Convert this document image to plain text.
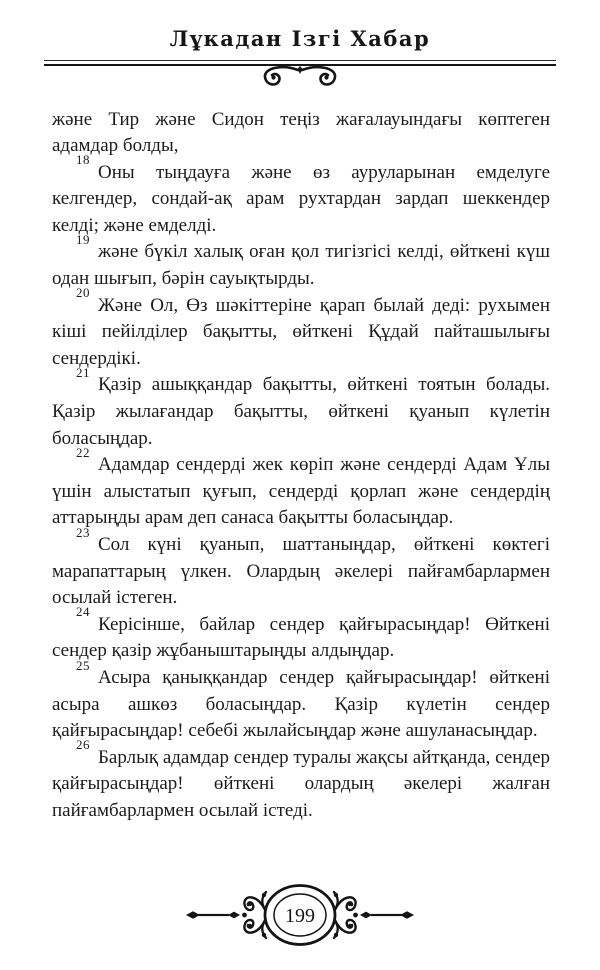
Лұкадан Ізгі Хабар

және Тир және Сидон теңіз жағалауындағы көптеген адамдар болды,

$^{18}$Оны тыңдауға және өз ауруларынан емделуге келгендер, сондай-ақ арам рухтардан зардап шеккендер келді; және емделді.

$^{19}$және бүкіл халық оған қол тигізгісі келді, өйткені күш одан шығып, бәрін сауықтырды.

$^{20}$Және Ол, Өз шәкіттеріне қарап былай деді: рухымен кіші пейілділер бақытты, өйткені Құдай пайташылығы сендердікі.

$^{21}$Қазір ашыққандар бақытты, өйткені тоятын болады. Қазір жылағандар бақытты, өйткені қуанып күлетін боласыңдар.

$^{22}$Адамдар сендерді жек көріп және сендерді Адам Ұлы үшін алыстатып қуғып, сендерді қорлап және сендердің аттарыңды арам деп санаса бақытты боласыңдар.

$^{23}$Сол күні қуанып, шаттаныңдар, өйткені көктегі марапаттарың үлкен. Олардың әкелері пайғамбарлармен осылай істеген.

$^{24}$Керісінше, байлар сендер қайғырасыңдар! Өйткені сендер қазір жұбаныштарыңды алдыңдар.

$^{25}$Асыра қаныққандар сендер қайғырасыңдар! өйткені асыра ашкөз боласыңдар. Қазір күлетін сендер қайғырасыңдар! себебі жылайсыңдар және ашуланасыңдар.

$^{26}$Барлық адамдар сендер туралы жақсы айтқанда, сендер қайғырасыңдар! өйткені олардың әкелері жалған пайғамбарлармен осылай істеді.

199
